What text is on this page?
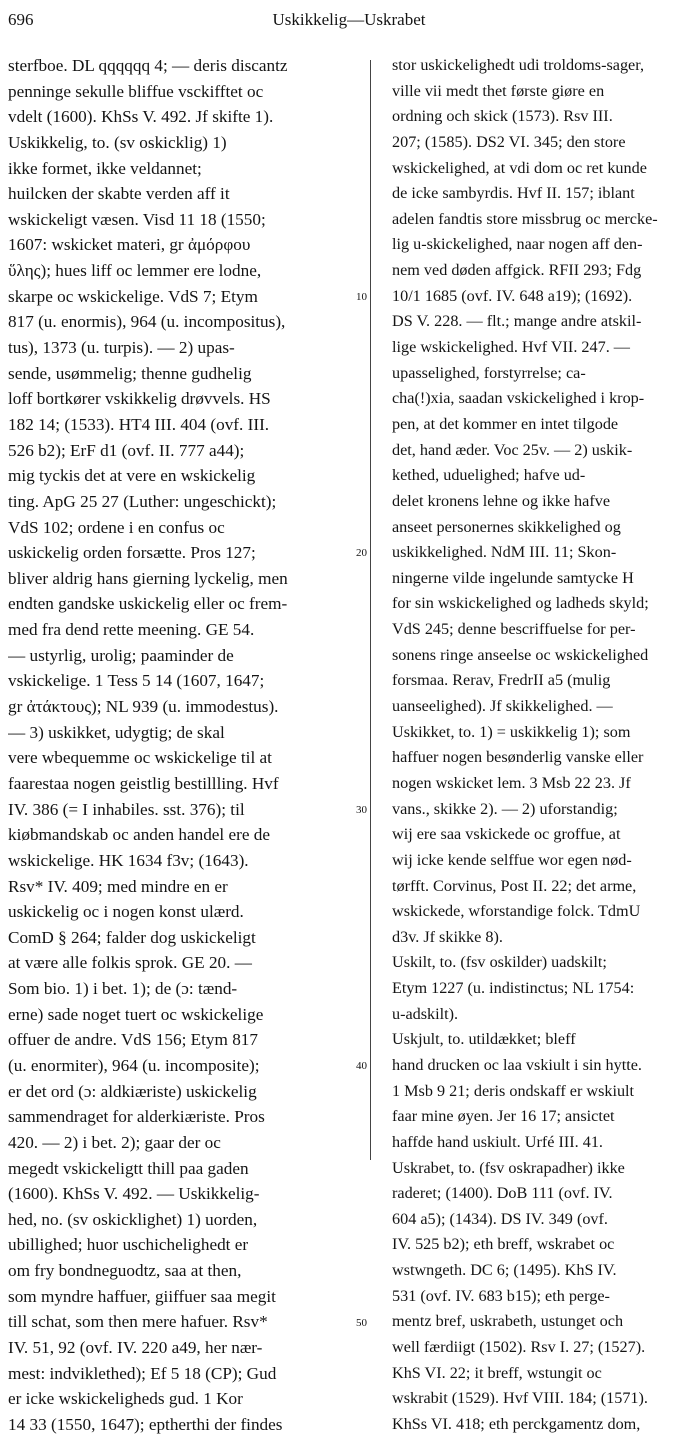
696	Uskikkelig—Uskrabet
sterfboe. DL qqqqqq 4; — deris discantz
penninge sekulle bliffue vsckifftet oc
vdelt (1600). KhSs V. 492. Jf skifte 1).
Uskikkelig, to. (sv oskicklig) 1)
ikke formet, ikke veldannet;
huilcken der skabte verden aff it
wskickeligt væsen. Visd 11 18 (1550;
1607: wskicket materi, gr ἀμόρφου
ὕλης); hues liff oc lemmer ere lodne,
skarpe oc wskickelige. VdS 7; Etym
817 (u. enormis), 964 (u. incompositus),
tus), 1373 (u. turpis). — 2) upas-
sende, usømmelig; thenne gudhelig
loff bortkører vskikkelig drøvvels. HS
182 14; (1533). HT4 III. 404 (ovf. III.
526 b2); ErF d1 (ovf. II. 777 a44);
mig tyckis det at vere en wskickelig
ting. ApG 25 27 (Luther: ungeschickt);
VdS 102; ordene i en confus oc
uskickelig orden forsætte. Pros 127;
bliver aldrig hans gierning lyckelig, men
endten gandske uskickelig eller oc frem-
med fra dend rette meening. GE 54.
— ustyrlig, urolig; paaminder de
vskickelige. 1 Tess 5 14 (1607, 1647;
gr ἀτάκτους); NL 939 (u. immodestus).
— 3) uskikket, udygtig; de skal
vere wbequemme oc wskickelige til at
faarestaa nogen geistlig bestillling. Hvf
IV. 386 (= I inhabiles. sst. 376); til
kiøbmandskab oc anden handel ere de
wskickelige. HK 1634 f3v; (1643).
Rsv* IV. 409; med mindre en er
uskickelig oc i nogen konst ulærd.
ComD § 264; falder dog uskickeligt
at være alle folkis sprok. GE 20. —
Som bio. 1) i bet. 1); de (ɔ: tænd-
erne) sade noget tuert oc wskickelige
offuer de andre. VdS 156; Etym 817
(u. enormiter), 964 (u. incomposite);
er det ord (ɔ: aldkiæriste) uskickelig
sammendraget for alderkiæriste. Pros
420. — 2) i bet. 2); gaar der oc
megedt vskickeligtt thill paa gaden
(1600). KhSs V. 492. — Uskikkelig-
hed, no. (sv oskicklighet) 1) uorden,
ubillighed; huor uschichelighedt er
om fry bondneguodtz, saa at then,
som myndre haffuer, giiffuer saa megit
till schat, som then mere hafuer. Rsv*
IV. 51, 92 (ovf. IV. 220 a49, her nær-
mest: indviklethed); Ef 5 18 (CP); Gud
er icke wskickeligheds gud. 1 Kor
14 33 (1550, 1647); eptherthi der findes
10
20
30
40
50
stor uskickelighedt udi troldoms-sager,
ville vii medt thet første giøre en
ordning och skick (1573). Rsv III.
207; (1585). DS2 VI. 345; den store
wskickelighed, at vdi dom oc ret kunde
de icke sambyrdis. Hvf II. 157; iblant
adelen fandtis store missbrug oc mercke-
lig u-skickelighed, naar nogen aff den-
nem ved døden affgick. RFII 293; Fdg
10/1 1685 (ovf. IV. 648 a19); (1692).
DS V. 228. — flt.; mange andre atskil-
lige wskickelighed. Hvf VII. 247. —
upasselighed, forstyrrelse; ca-
cha(!)xia, saadan vskickelighed i krop-
pen, at det kommer en intet tilgode
det, hand æder. Voc 25v. — 2) uskik-
kethed, uduelighed; hafve ud-
delet kronens lehne og ikke hafve
anseet personernes skikkelighed og
uskikkelighed. NdM III. 11; Skon-
ningerne vilde ingelunde samtycke H
for sin wskickelighed og ladheds skyld;
VdS 245; denne bescriffuelse for per-
sonens ringe anseelse oc wskickelighed
forsmaa. Rerav, FredrII a5 (mulig
uanseelighed). Jf skikkelighed. —
Uskikket, to. 1) = uskikkelig 1); som
haffuer nogen besønderlig vanske eller
nogen wskicket lem. 3 Msb 22 23. Jf
vans., skikke 2). — 2) uforstandig;
wij ere saa vskickede oc groffue, at
wij icke kende selffue wor egen nød-
tørfft. Corvinus, Post II. 22; det arme,
wskickede, wforstandige folck. TdmU
d3v. Jf skikke 8).
Uskilt, to. (fsv oskilder) uadskilt;
Etym 1227 (u. indistinctus; NL 1754:
u-adskilt).
Uskjult, to. utildækket; bleff
hand drucken oc laa vskiult i sin hytte.
1 Msb 9 21; deris ondskaff er wskiult
faar mine øyen. Jer 16 17; ansictet
haffde hand uskiult. Urfé III. 41.
Uskrabet, to. (fsv oskrapadher) ikke
raderet; (1400). DoB 111 (ovf. IV.
604 a5); (1434). DS IV. 349 (ovf.
IV. 525 b2); eth breff, wskrabet oc
wstwngeth. DC 6; (1495). KhS IV.
531 (ovf. IV. 683 b15); eth perge-
mentz bref, uskrabeth, ustunget och
well færdiigt (1502). Rsv I. 27; (1527).
KhS VI. 22; it breff, wstungit oc
wskrabit (1529). Hvf VIII. 184; (1571).
KhSs VI. 418; eth perckgamentz dom,
